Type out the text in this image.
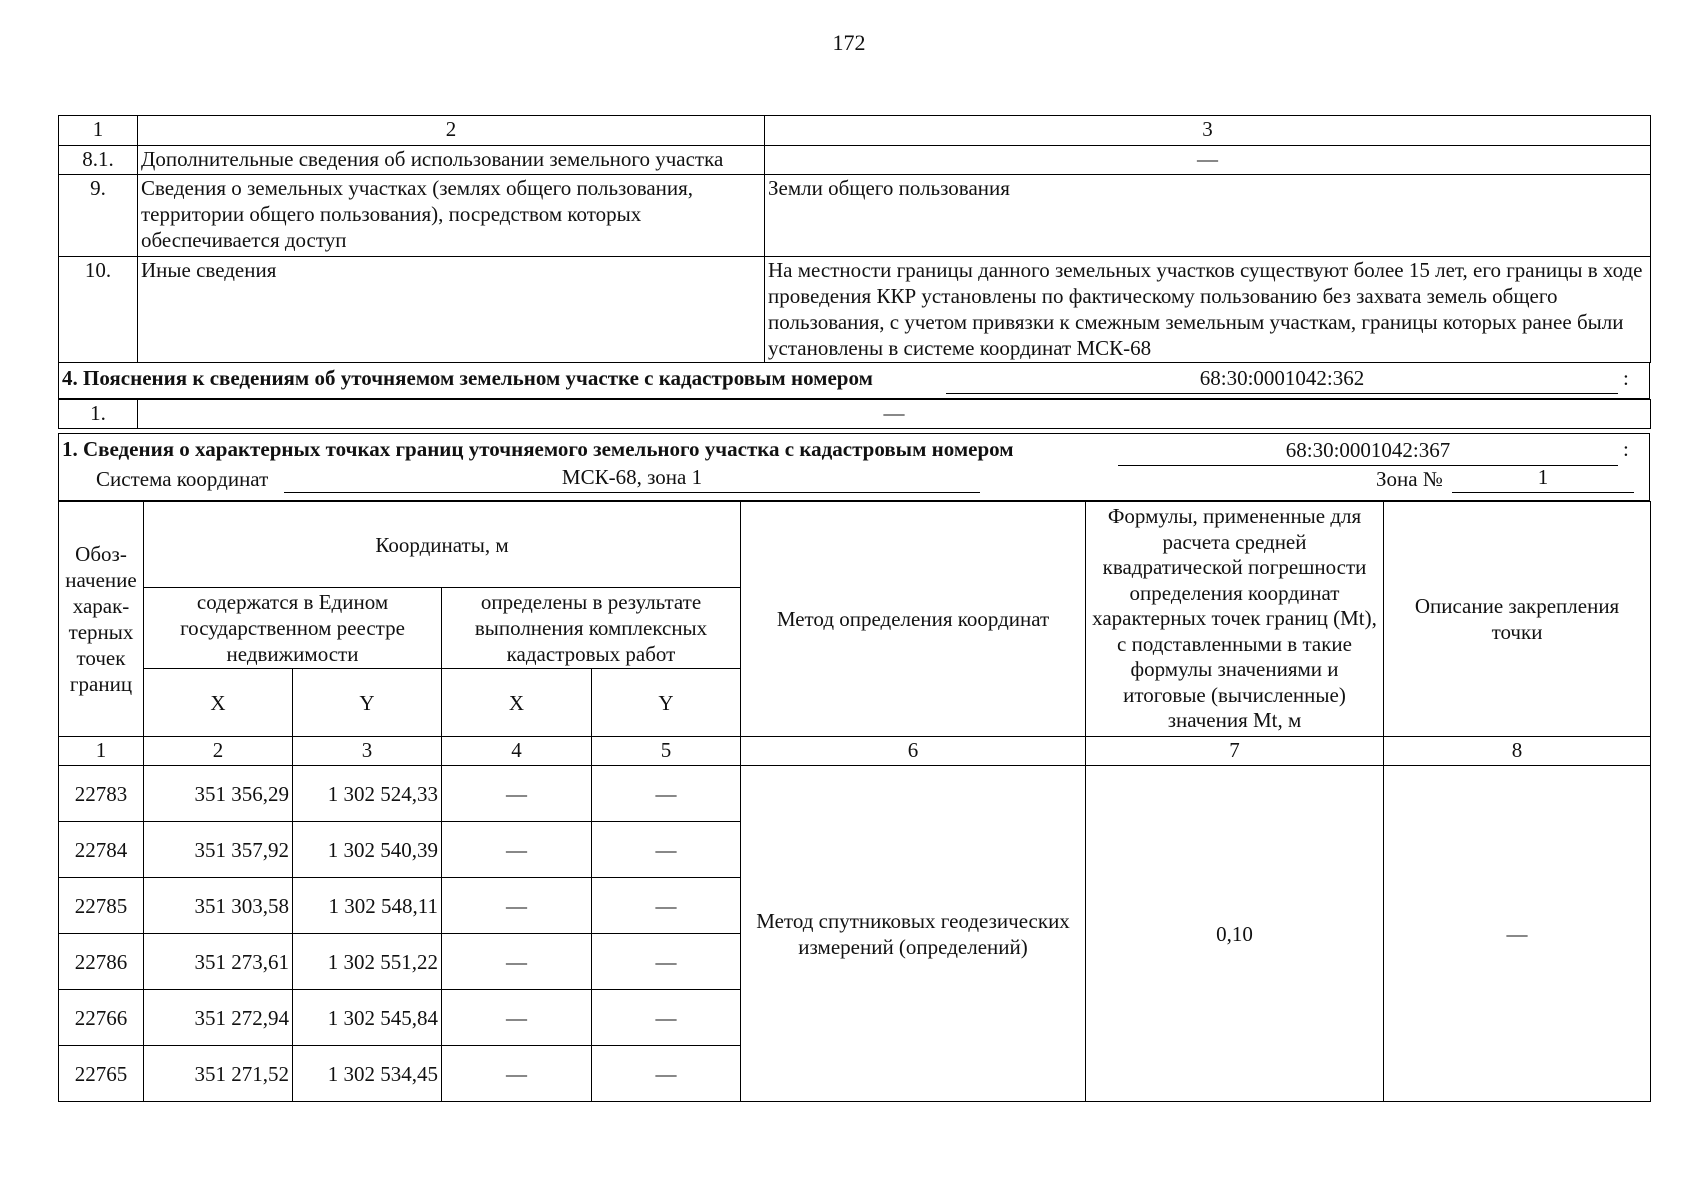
172
1	2	3
8.1.	Дополнительные сведения об использовании земельного участка	—
9.	Сведения о земельных участках (землях общего пользования, территории общего пользования), посредством которых обеспечивается доступ	Земли общего пользования
10.	Иные сведения	На местности границы данного земельных участков существуют более 15 лет, его границы в ходе проведения ККР установлены по фактическому пользованию без захвата земель общего пользования, с учетом привязки к смежным земельным участкам, границы которых ранее были установлены в системе координат МСК-68
4. Пояснения к сведениям об уточняемом земельном участке с кадастровым номером	68:30:0001042:362	:
1.	—
1. Сведения о характерных точках границ уточняемого земельного участка с кадастровым номером	68:30:0001042:367	:
Система координат	МСК-68, зона 1	Зона №	1
Обоз-начение харак-терных точек границ	Координаты, м				Метод определения координат	Формулы, примененные для расчета средней квадратической погрешности определения координат характерных точек границ (Mt), с подставленными в такие формулы значениями и итоговые (вычисленные) значения Mt, м	Описание закрепления точки
	содержатся в Едином государственном реестре недвижимости		определены в результате выполнения комплексных кадастровых работ				
	X	Y	X	Y			
1	2	3	4	5	6	7	8
22783	351 356,29	1 302 524,33	—	—	Метод спутниковых геодезических измерений (определений)	0,10	—
22784	351 357,92	1 302 540,39	—	—			
22785	351 303,58	1 302 548,11	—	—			
22786	351 273,61	1 302 551,22	—	—			
22766	351 272,94	1 302 545,84	—	—			
22765	351 271,52	1 302 534,45	—	—			
